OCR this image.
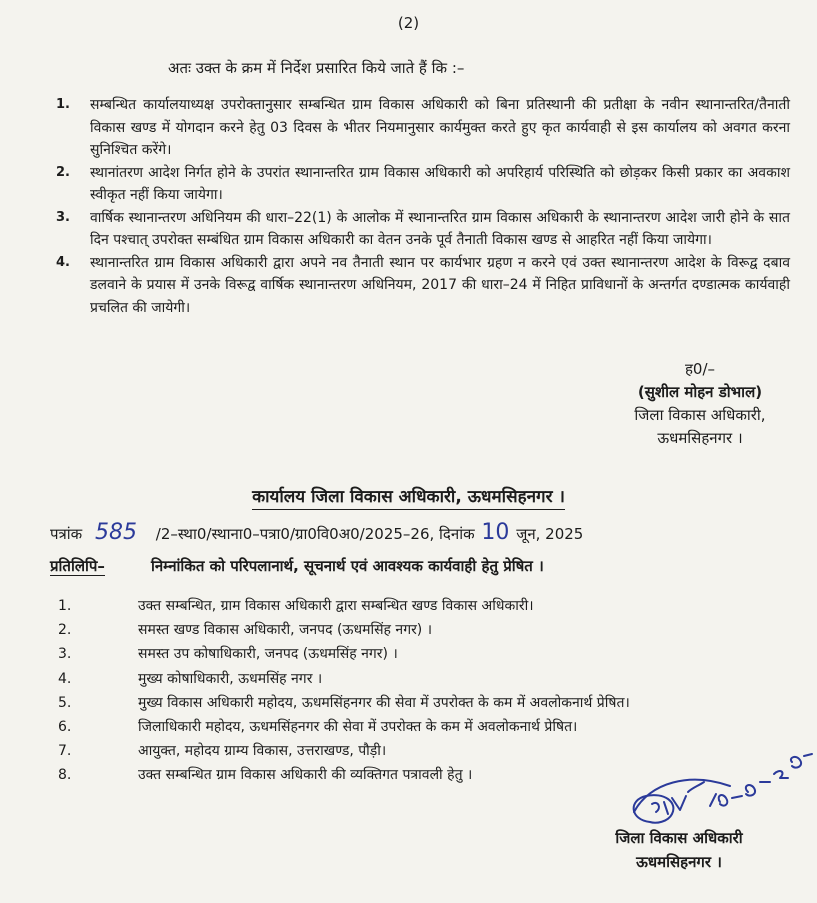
(2)
अतः उक्त के क्रम में निर्देश प्रसारित किये जाते हैं कि :–
1. सम्बन्धित कार्यालयाध्यक्ष उपरोक्तानुसार सम्बन्धित ग्राम विकास अधिकारी को बिना प्रतिस्थानी की प्रतीक्षा के नवीन स्थानान्तरित/तैनाती विकास खण्ड में योगदान करने हेतु 03 दिवस के भीतर नियमानुसार कार्यमुक्त करते हुए कृत कार्यवाही से इस कार्यालय को अवगत करना सुनिश्चित करेंगे।
2. स्थानांतरण आदेश निर्गत होने के उपरांत स्थानान्तरित ग्राम विकास अधिकारी को अपरिहार्य परिस्थिति को छोड़कर किसी प्रकार का अवकाश स्वीकृत नहीं किया जायेगा।
3. वार्षिक स्थानान्तरण अधिनियम की धारा–22(1) के आलोक में स्थानान्तरित ग्राम विकास अधिकारी के स्थानान्तरण आदेश जारी होने के सात दिन पश्चात् उपरोक्त सम्बंधित ग्राम विकास अधिकारी का वेतन उनके पूर्व तैनाती विकास खण्ड से आहरित नहीं किया जायेगा।
4. स्थानान्तरित ग्राम विकास अधिकारी द्वारा अपने नव तैनाती स्थान पर कार्यभार ग्रहण न करने एवं उक्त स्थानान्तरण आदेश के विरूद्व दबाव डलवाने के प्रयास में उनके विरूद्व वार्षिक स्थानान्तरण अधिनियम, 2017 की धारा–24 में निहित प्राविधानों के अन्तर्गत दण्डात्मक कार्यवाही प्रचलित की जायेगी।
ह0/–
(सुशील मोहन डोभाल)
जिला विकास अधिकारी,
ऊधमसिहनगर ।
कार्यालय जिला विकास अधिकारी, ऊधमसिहनगर ।
पत्रांक 585 /2–स्था0/स्थाना0–पत्रा0/ग्रा0वि0अ0/2025–26, दिनांक 10 जून, 2025
प्रतिलिपि–	निम्नांकित को परिपलानार्थ, सूचनार्थ एवं आवश्यक कार्यवाही हेतु प्रेषित ।
1.	उक्त सम्बन्धित, ग्राम विकास अधिकारी द्वारा सम्बन्धित खण्ड विकास अधिकारी।
2.	समस्त खण्ड विकास अधिकारी, जनपद (ऊधमसिंह नगर) ।
3.	समस्त उप कोषाधिकारी, जनपद (ऊधमसिंह नगर) ।
4.	मुख्य कोषाधिकारी, ऊधमसिंह नगर ।
5.	मुख्य विकास अधिकारी महोदय, ऊधमसिंहनगर की सेवा में उपरोक्त के कम में अवलोकनार्थ प्रेषित।
6.	जिलाधिकारी महोदय, ऊधमसिंहनगर की सेवा में उपरोक्त के कम में अवलोकनार्थ प्रेषित।
7.	आयुक्त, महोदय ग्राम्य विकास, उत्तराखण्ड, पौड़ी।
8.	उक्त सम्बन्धित ग्राम विकास अधिकारी की व्यक्तिगत पत्रावली हेतु ।
जिला विकास अधिकारी
ऊधमसिहनगर ।
